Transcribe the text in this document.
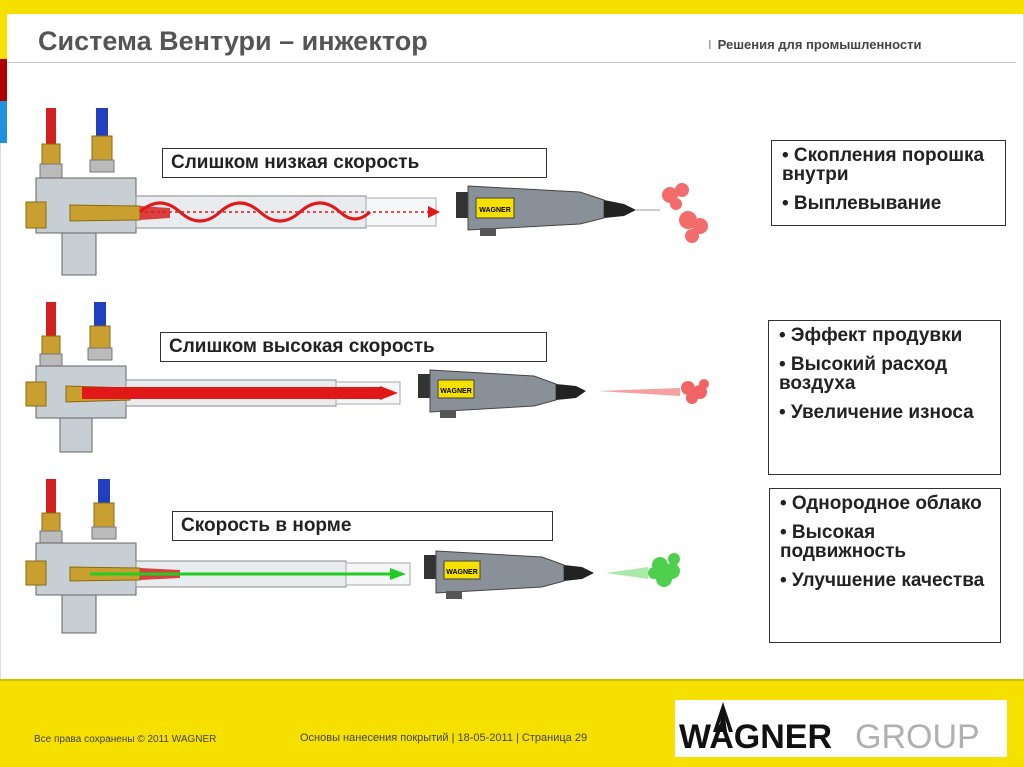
Система Вентури – инжектор	I Решения для промышленности
WAGNER
Слишком низкая скорость	• Скопления порошка внутри
• Выплевывание
WAGNER
Слишком высокая скорость
• Эффект продувки
• Высокий расход воздуха
• Увеличение износа
WAGNER
Скорость в норме
• Однородное облако
• Высокая подвижность
• Улучшение качества
Все права сохранены © 2011 WAGNER	Основы нанесения покрытий | 18-05-2011 | Страница 29	WAGNER GROUP
